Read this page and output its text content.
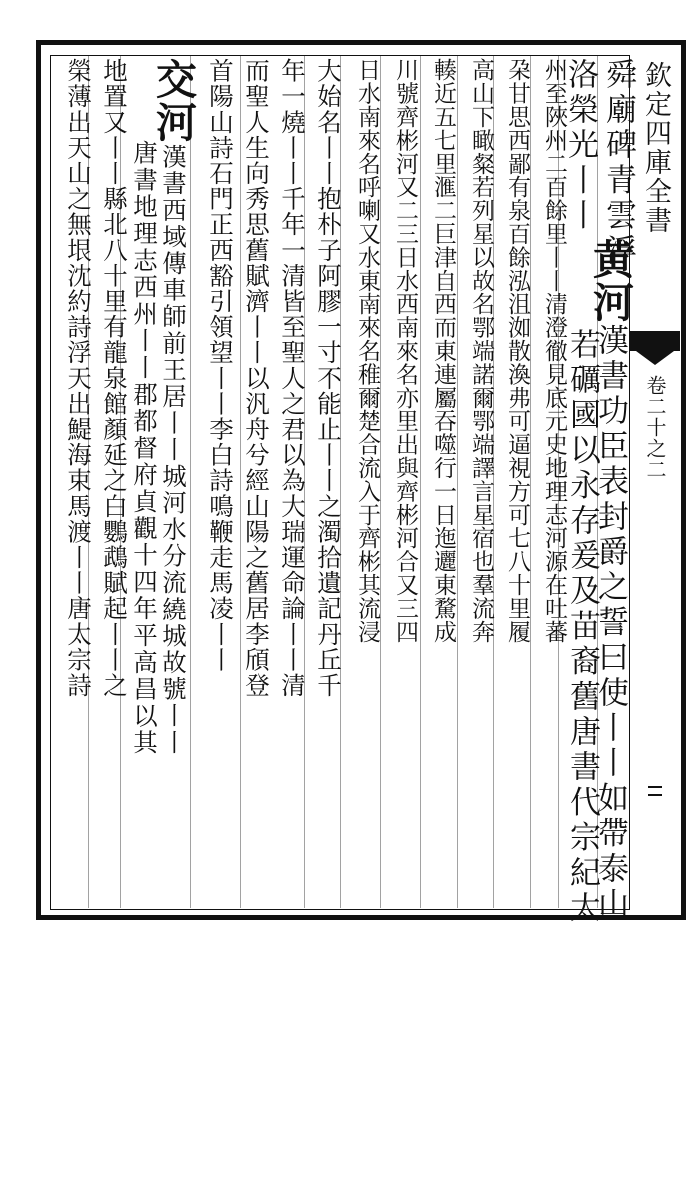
欽定四庫全書
卷二十之二
舜廟碑青雲浮
洛榮光丨丨
黄河漢書功臣表封爵之誓曰使丨丨如帶泰山
若礪國以永存爰及苗裔舊唐書代宗紀太
州至陜州二百餘里丨丨清澄徹見底元史地理志河源在吐蕃
朶甘思西鄙有泉百餘泓沮洳散渙弗可逼視方可七八十里履
高山下瞰粲若列星以故名鄂端諾爾鄂端譯言星宿也羣流奔
輳近五七里滙二巨津自西而東連屬吞噬行一日迤邐東騖成
川號齊彬河又二三日水西南來名亦里出與齊彬河合又三四
日水南來名呼喇又水東南來名稚爾楚合流入于齊彬其流浸
大始名丨丨抱朴子阿膠一寸不能止丨丨之濁拾遺記丹丘千
年一燒丨丨千年一清皆至聖人之君以為大瑞運命論丨丨清
而聖人生向秀思舊賦濟丨丨以汎舟兮經山陽之舊居李頎登
首陽山詩石門正西豁引領望丨丨李白詩鳴鞭走馬凌丨丨
交河漢書西域傳車師前王居丨丨城河水分流繞城故號丨丨
唐書地理志西州丨丨郡都督府貞觀十四年平高昌以其
地置又丨丨縣北八十里有龍泉館顏延之白鸚鵡賦起丨丨之
榮薄出天山之無垠沈約詩浮天出鯷海束馬渡丨丨唐太宗詩
